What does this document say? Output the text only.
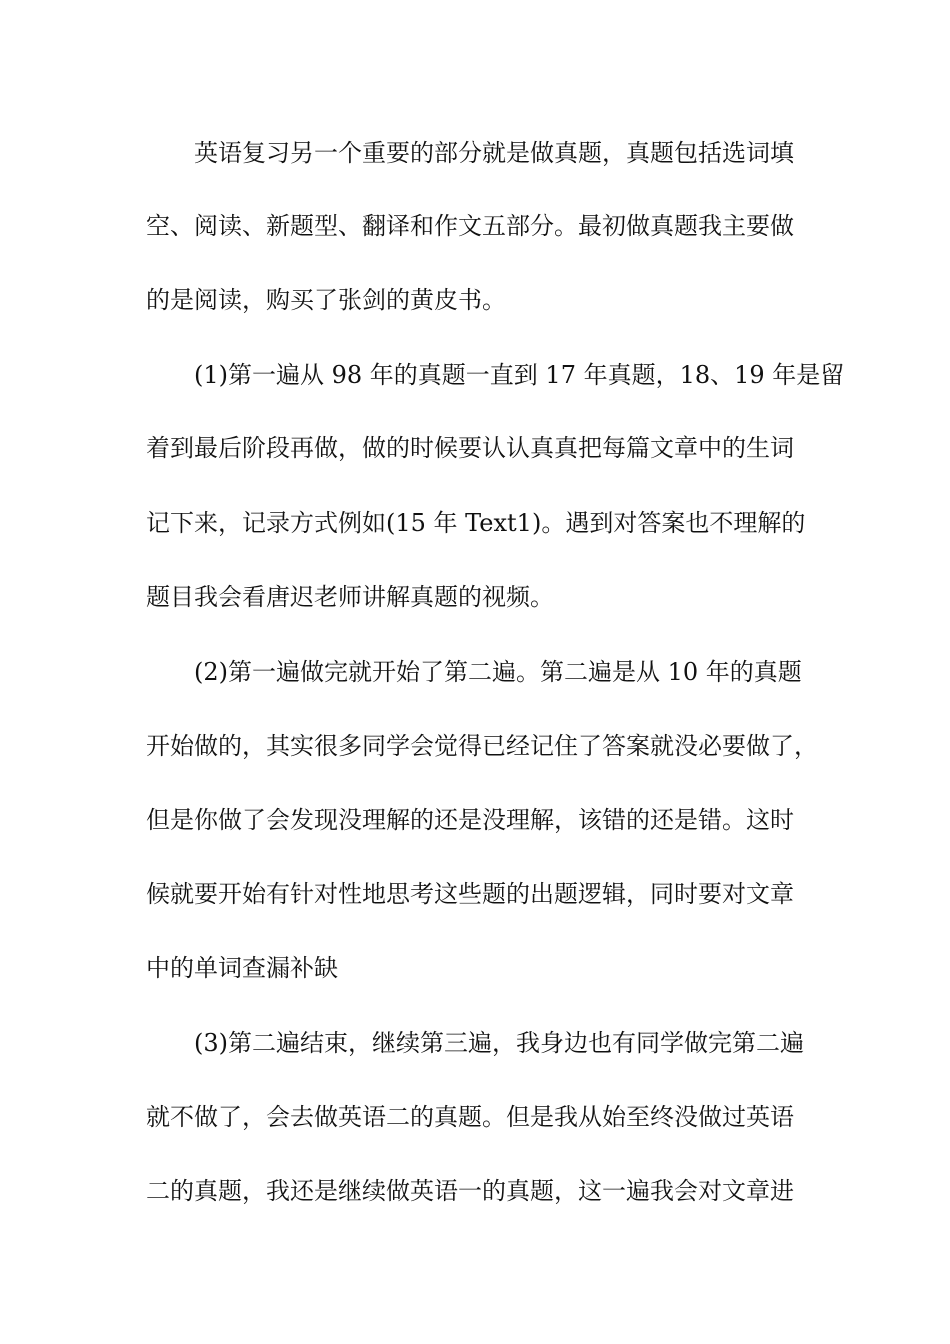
英语复习另一个重要的部分就是做真题，真题包括选词填
空、阅读、新题型、翻译和作文五部分。最初做真题我主要做
的是阅读，购买了张剑的黄皮书。
(1)第一遍从 98 年的真题一直到 17 年真题，18、19 年是留
着到最后阶段再做，做的时候要认认真真把每篇文章中的生词
记下来，记录方式例如(15 年 Text1)。遇到对答案也不理解的
题目我会看唐迟老师讲解真题的视频。
(2)第一遍做完就开始了第二遍。第二遍是从 10 年的真题
开始做的，其实很多同学会觉得已经记住了答案就没必要做了，
但是你做了会发现没理解的还是没理解，该错的还是错。这时
候就要开始有针对性地思考这些题的出题逻辑，同时要对文章
中的单词查漏补缺
(3)第二遍结束，继续第三遍，我身边也有同学做完第二遍
就不做了，会去做英语二的真题。但是我从始至终没做过英语
二的真题，我还是继续做英语一的真题，这一遍我会对文章进
